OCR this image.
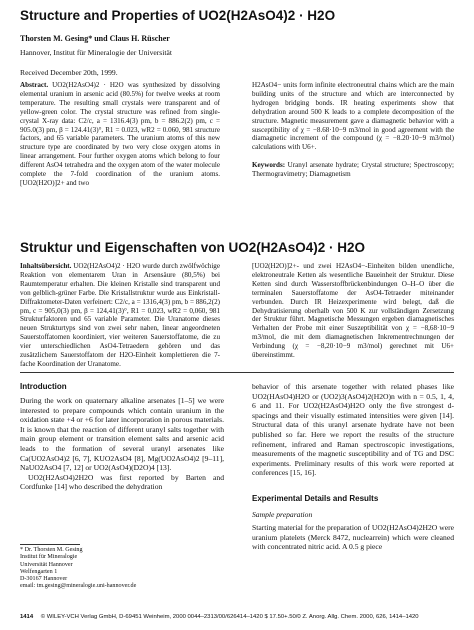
Structure and Properties of UO2(H2AsO4)2 · H2O
Thorsten M. Gesing* und Claus H. Rüscher
Hannover, Institut für Mineralogie der Universität
Received December 20th, 1999.
Abstract. UO2(H2AsO4)2 · H2O was synthesized by dissolving elemental uranium in arsenic acid (80.5%) for twelve weeks at room temperature. The resulting small crystals were transparent and of yellow-green color. The crystal structure was refined from single-crystal X-ray data: C2/c, a = 1316.4(3) pm, b = 886.2(2) pm, c = 905.0(3) pm, β = 124.41(3)°, R1 = 0.023, wR2 = 0.060, 981 structure factors, and 65 variable parameters. The uranium atoms of this new structure type are coordinated by two very close oxygen atoms in linear arrangement. Four further oxygen atoms which belong to four different AsO4 tetrahedra and the oxygen atom of the water molecule complete the 7-fold coordination of the uranium atoms. [UO2(H2O)]2+ and two
H2AsO4− units form infinite electroneutral chains which are the main building units of the structure and which are interconnected by hydrogen bridging bonds. IR heating experiments show that dehydration around 500 K leads to a complete decomposition of the structure. Magnetic measurement gave a diamagnetic behavior with a susceptibility of χ = −8.68·10−9 m3/mol in good agreement with the diamagnetic increment of the compound (χ = −8.20·10−9 m3/mol) calculations with U6+.
Keywords: Uranyl arsenate hydrate; Crystal structure; Spectroscopy; Thermogravimetry; Diamagnetism
Struktur und Eigenschaften von UO2(H2AsO4)2 · H2O
Inhaltsübersicht. UO2(H2AsO4)2 · H2O wurde durch zwölfwöchige Reaktion von elementarem Uran in Arsensäure (80,5%) bei Raumtemperatur erhalten. Die kleinen Kristalle sind transparent und von gelblich-grüner Farbe. Die Kristallstruktur wurde aus Einkristall-Diffraktometer-Daten verfeinert: C2/c, a = 1316,4(3) pm, b = 886,2(2) pm, c = 905,0(3) pm, β = 124,41(3)°, R1 = 0,023, wR2 = 0,060, 981 Strukturfaktoren und 65 variable Parameter. Die Uranatome dieses neuen Strukturtyps sind von zwei sehr nahen, linear angeordneten Sauerstoffatomen koordiniert, vier weiteren Sauerstoffatome, die zu vier unterschiedlichen AsO4-Tetraedern gehören und das zusätzlichem Sauerstoffatom der H2O-Einheit komplettieren die 7-fache Koordination der Uranatome.
[UO2(H2O)]2+- und zwei H2AsO4−-Einheiten bilden unendliche, elektroneutrale Ketten als wesentliche Baueinheit der Struktur. Diese Ketten sind durch Wasserstoffbrückenbindungen O–H–O über die terminalen Sauerstoffatome der AsO4-Tetraeder miteinander verbunden. Durch IR Heizexperimente wird belegt, daß die Dehydratisierung oberhalb von 500 K zur vollständigen Zersetzung der Struktur führt. Magnetische Messungen ergeben diamagnetisches Verhalten der Probe mit einer Suszeptibilität von χ = −8,68·10−9 m3/mol, die mit dem diamagnetischen Inkrementrechnungen der Verbindung (χ = −8,20·10−9 m3/mol) gerechnet mit U6+ übereinstimmt.
Introduction

During the work on quaternary alkaline arsenates [1–5] we were interested to prepare compounds which contain uranium in the oxidation state +4 or +6 for later incorporation in porous materials. It is known that the reaction of different uranyl salts together with main group element or transition element salts and arsenic acid leads to the formation of several uranyl arsenates like Ca(UO2AsO4)2 [6, 7], KUO2AsO4 [8], Mg(UO2AsO4)2 [9–11], NaUO2AsO4 [7, 12] or UO2(AsO4)(D2O)4 [13].

UO2(H2AsO4)2H2O was first reported by Barten and Cordfunke [14] who described the dehydration

* Dr. Thorsten M. Gesing
Institut für Mineralogie
Universität Hannover
Welfengarten 1
D-30167 Hannover
email: tm.gesing@mineralogie.uni-hannover.de

behavior of this arsenate together with related phases like UO2(HAsO4)H2O or (UO2)3(AsO4)2(H2O)n with n = 0.5, 1, 4, 6 and 11. For UO2(H2AsO4)H2O only the five strongest d-spacings and their visually estimated intensities were given [14]. Structural data of this uranyl arsenate hydrate have not been published so far. Here we report the results of the structure refinement, infrared and Raman spectroscopic investigations, measurements of the magnetic susceptibility and of TG and DSC experiments. Preliminary results of this work were reported at conferences [15, 16].

Experimental Details and Results

Sample preparation

Starting material for the preparation of UO2(H2AsO4)2H2O were uranium platelets (Merck 8472, nuclearrein) which were cleaned with concentrated nitric acid. A 0.5 g piece

1414 © WILEY-VCH Verlag GmbH, D-69451 Weinheim, 2000 0044–2313/00/626414–1420 $ 17.50+.50/0 Z. Anorg. Allg. Chem. 2000, 626, 1414–1420
